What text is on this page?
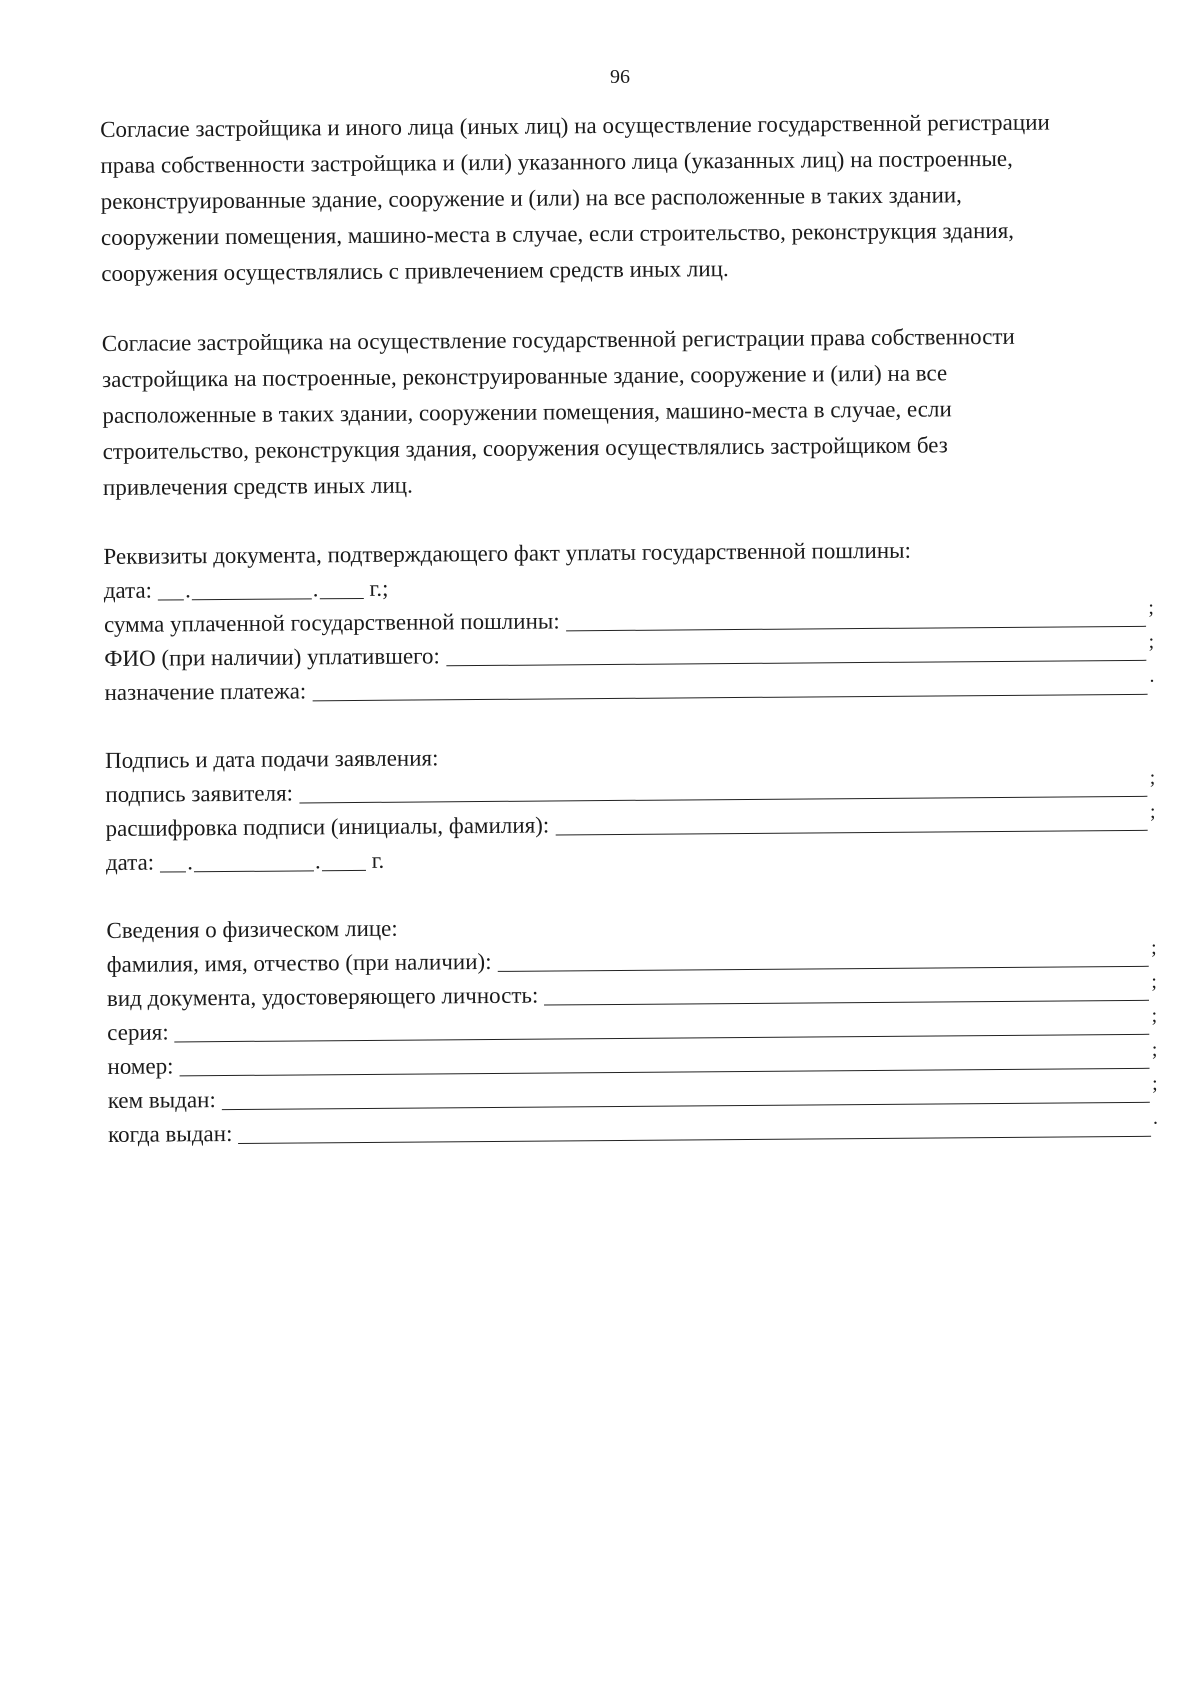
96

Согласие застройщика и иного лица (иных лиц) на осуществление государственной регистрации
права собственности застройщика и (или) указанного лица (указанных лиц) на построенные,
реконструированные здание, сооружение и (или) на все расположенные в таких здании,
сооружении помещения, машино-места в случае, если строительство, реконструкция здания,
сооружения осуществлялись с привлечением средств иных лиц.

Согласие застройщика на осуществление государственной регистрации права собственности
застройщика на построенные, реконструированные здание, сооружение и (или) на все
расположенные в таких здании, сооружении помещения, машино-места в случае, если
строительство, реконструкция здания, сооружения осуществлялись застройщиком без
привлечения средств иных лиц.

Реквизиты документа, подтверждающего факт уплаты государственной пошлины:
дата: .	. г.;
сумма уплаченной государственной пошлины:
;
ФИО (при наличии) уплатившего:
;
назначение платежа:
.
Подпись и дата подачи заявления:
подпись заявителя:
;
расшифровка подписи (инициалы, фамилия):
;
дата: .	. г.
Сведения о физическом лице:
фамилия, имя, отчество (при наличии):
;
вид документа, удостоверяющего личность:
;
серия:
;
номер:
;
кем выдан:
;
когда выдан:
.
